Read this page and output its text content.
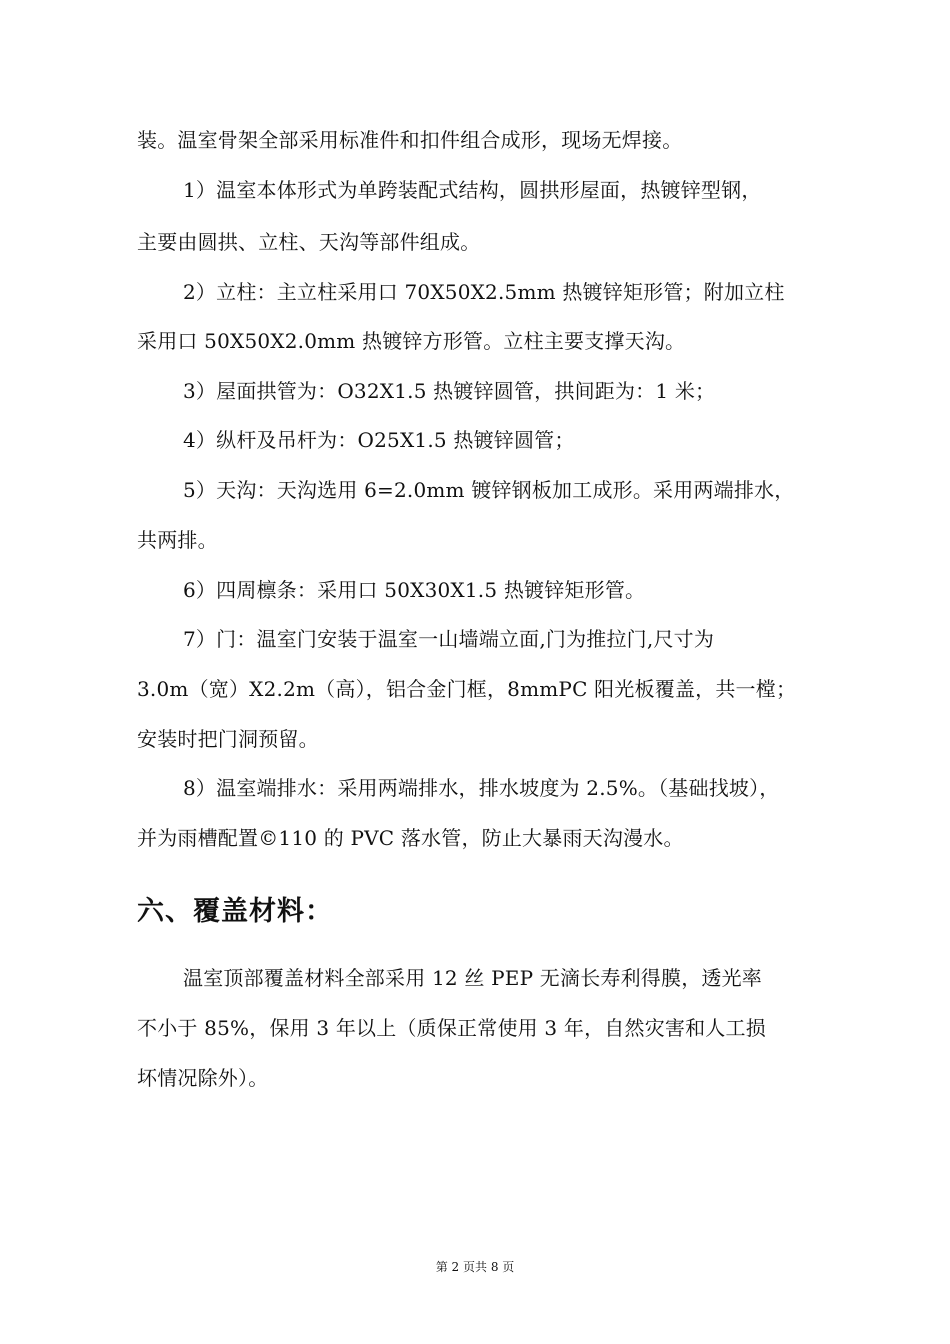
装。温室骨架全部采用标准件和扣件组合成形，现场无焊接。
1）温室本体形式为单跨装配式结构，圆拱形屋面，热镀锌型钢，
主要由圆拱、立柱、天沟等部件组成。
2）立柱：主立柱采用口 70X50X2.5mm 热镀锌矩形管；附加立柱
采用口 50X50X2.0mm 热镀锌方形管。立柱主要支撑天沟。
3）屋面拱管为：O32X1.5 热镀锌圆管，拱间距为：1 米；
4）纵杆及吊杆为：O25X1.5 热镀锌圆管；
5）天沟：天沟选用 6=2.0mm 镀锌钢板加工成形。采用两端排水，
共两排。
6）四周檩条：采用口 50X30X1.5 热镀锌矩形管。
7）门：温室门安装于温室一山墙端立面,门为推拉门,尺寸为
3.0m（宽）X2.2m（高），铝合金门框，8mmPC 阳光板覆盖，共一樘；
安装时把门洞预留。
8）温室端排水：采用两端排水，排水坡度为 2.5%。（基础找坡），
并为雨槽配置©110 的 PVC 落水管，防止大暴雨天沟漫水。
六、覆盖材料：
温室顶部覆盖材料全部采用 12 丝 PEP 无滴长寿利得膜，透光率
不小于 85%，保用 3 年以上（质保正常使用 3 年，自然灾害和人工损
坏情况除外）。
第 2 页共 8 页
